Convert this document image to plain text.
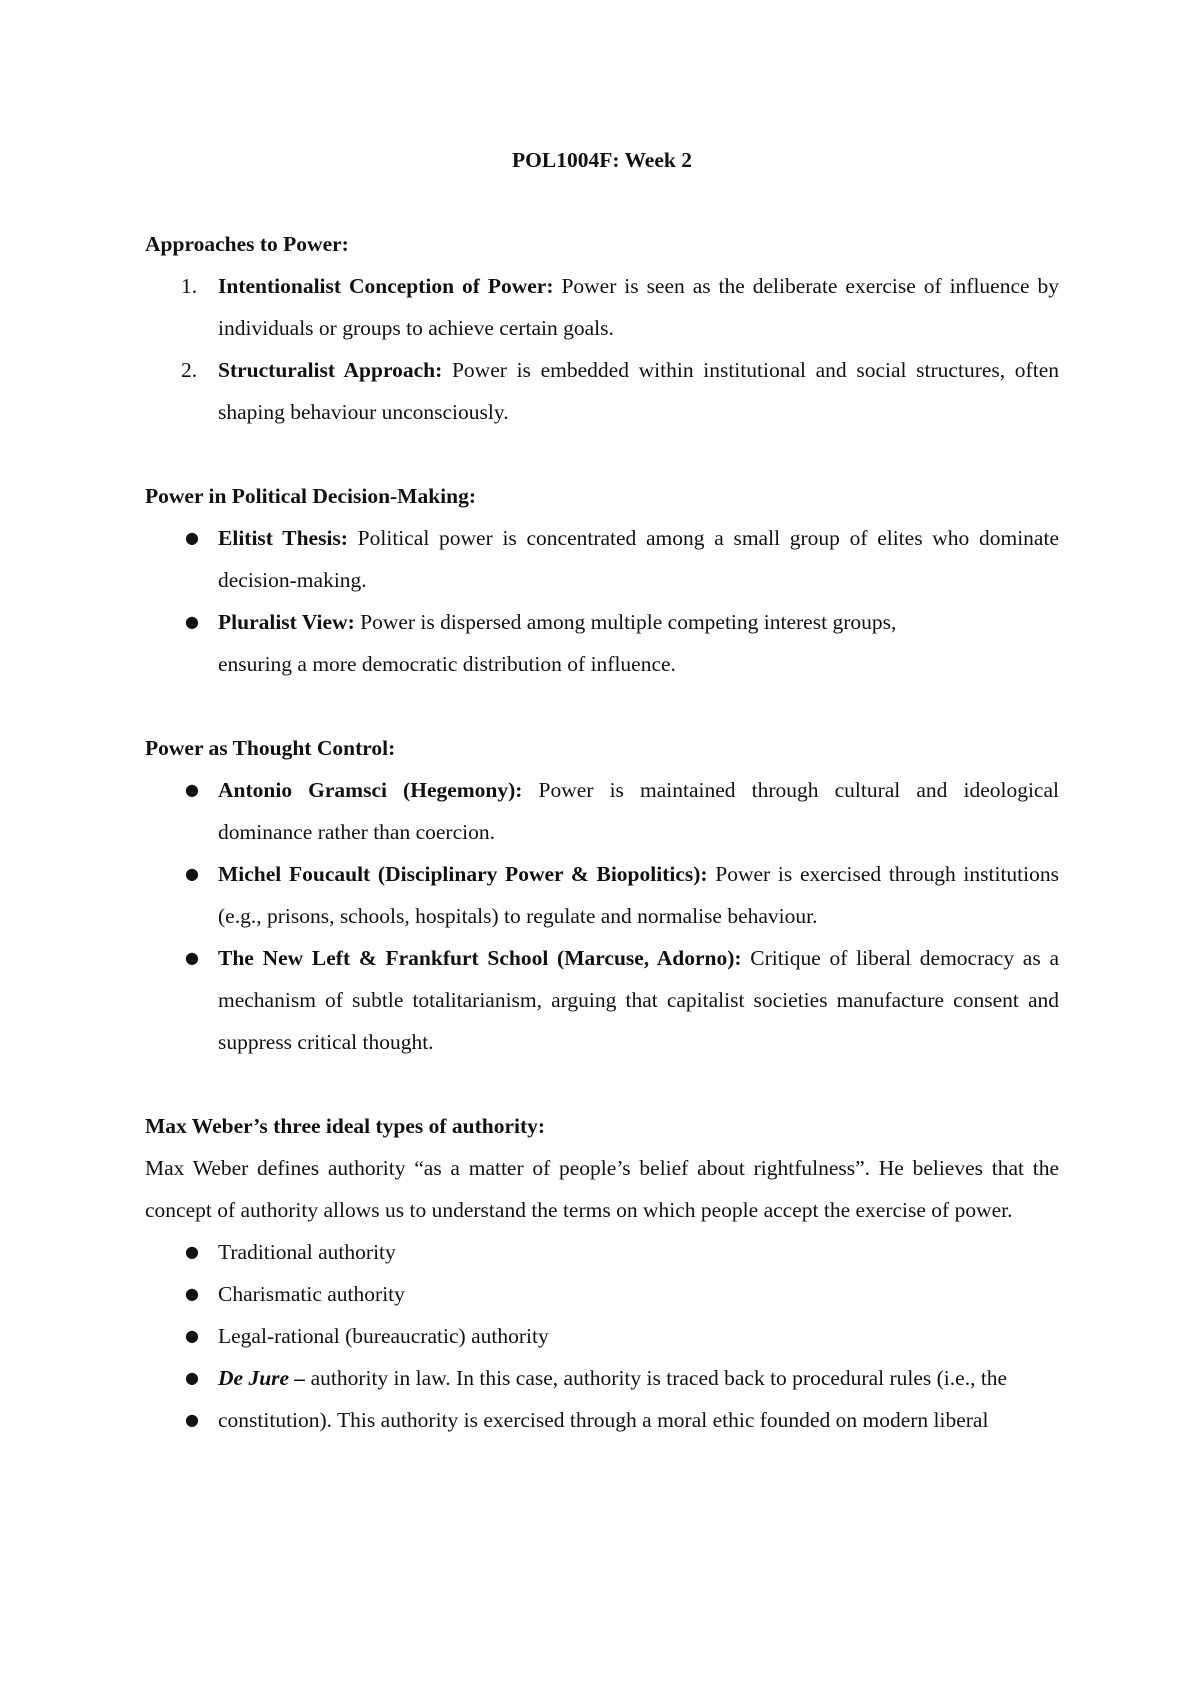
POL1004F: Week 2
Approaches to Power:
1. Intentionalist Conception of Power: Power is seen as the deliberate exercise of influence by individuals or groups to achieve certain goals.
2. Structuralist Approach: Power is embedded within institutional and social structures, often shaping behaviour unconsciously.
Power in Political Decision-Making:
● Elitist Thesis: Political power is concentrated among a small group of elites who dominate decision-making.
● Pluralist View: Power is dispersed among multiple competing interest groups,
ensuring a more democratic distribution of influence.
Power as Thought Control:
● Antonio Gramsci (Hegemony): Power is maintained through cultural and ideological dominance rather than coercion.
● Michel Foucault (Disciplinary Power & Biopolitics): Power is exercised through institutions (e.g., prisons, schools, hospitals) to regulate and normalise behaviour.
● The New Left & Frankfurt School (Marcuse, Adorno): Critique of liberal democracy as a mechanism of subtle totalitarianism, arguing that capitalist societies manufacture consent and suppress critical thought.
Max Weber’s three ideal types of authority:

Max Weber defines authority “as a matter of people’s belief about rightfulness”. He believes that the concept of authority allows us to understand the terms on which people accept the exercise of power.

● Traditional authority
● Charismatic authority
● Legal-rational (bureaucratic) authority
● De Jure – authority in law. In this case, authority is traced back to procedural rules (i.e., the
● constitution). This authority is exercised through a moral ethic founded on modern liberal
